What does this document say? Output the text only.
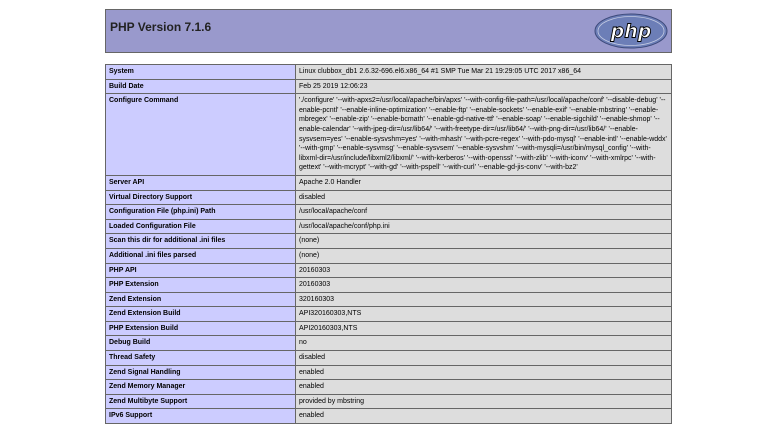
PHP Version 7.1.6	php
System	Linux clubbox_db1 2.6.32-696.el6.x86_64 #1 SMP Tue Mar 21 19:29:05 UTC 2017 x86_64
Build Date	Feb 25 2019 12:06:23
Configure Command	'./configure' '--with-apxs2=/usr/local/apache/bin/apxs' '--with-config-file-path=/usr/local/apache/conf' '--disable-debug' '--enable-pcntl' '--enable-inline-optimization' '--enable-ftp' '--enable-sockets' '--enable-exif' '--enable-mbstring' '--enable-mbregex' '--enable-zip' '--enable-bcmath' '--enable-gd-native-ttf' '--enable-soap' '--enable-sigchild' '--enable-shmop' '--enable-calendar' '--with-jpeg-dir=/usr/lib64/' '--with-freetype-dir=/usr/lib64/' '--with-png-dir=/usr/lib64/' '--enable-sysvsem=yes' '--enable-sysvshm=yes' '--with-mhash' '--with-pcre-regex' '--with-pdo-mysql' '--enable-intl' '--enable-wddx' '--with-gmp' '--enable-sysvmsg' '--enable-sysvsem' '--enable-sysvshm' '--with-mysqli=/usr/bin/mysql_config' '--with-libxml-dir=/usr/include/libxml2/libxml/' '--with-kerberos' '--with-openssl' '--with-zlib' '--with-iconv' '--with-xmlrpc' '--with-gettext' '--with-mcrypt' '--with-gd' '--with-pspell' '--with-curl' '--enable-gd-jis-conv' '--with-bz2'
Server API	Apache 2.0 Handler
Virtual Directory Support	disabled
Configuration File (php.ini) Path	/usr/local/apache/conf
Loaded Configuration File	/usr/local/apache/conf/php.ini
Scan this dir for additional .ini files	(none)
Additional .ini files parsed	(none)
PHP API	20160303
PHP Extension	20160303
Zend Extension	320160303
Zend Extension Build	API320160303,NTS
PHP Extension Build	API20160303,NTS
Debug Build	no
Thread Safety	disabled
Zend Signal Handling	enabled
Zend Memory Manager	enabled
Zend Multibyte Support	provided by mbstring
IPv6 Support	enabled
